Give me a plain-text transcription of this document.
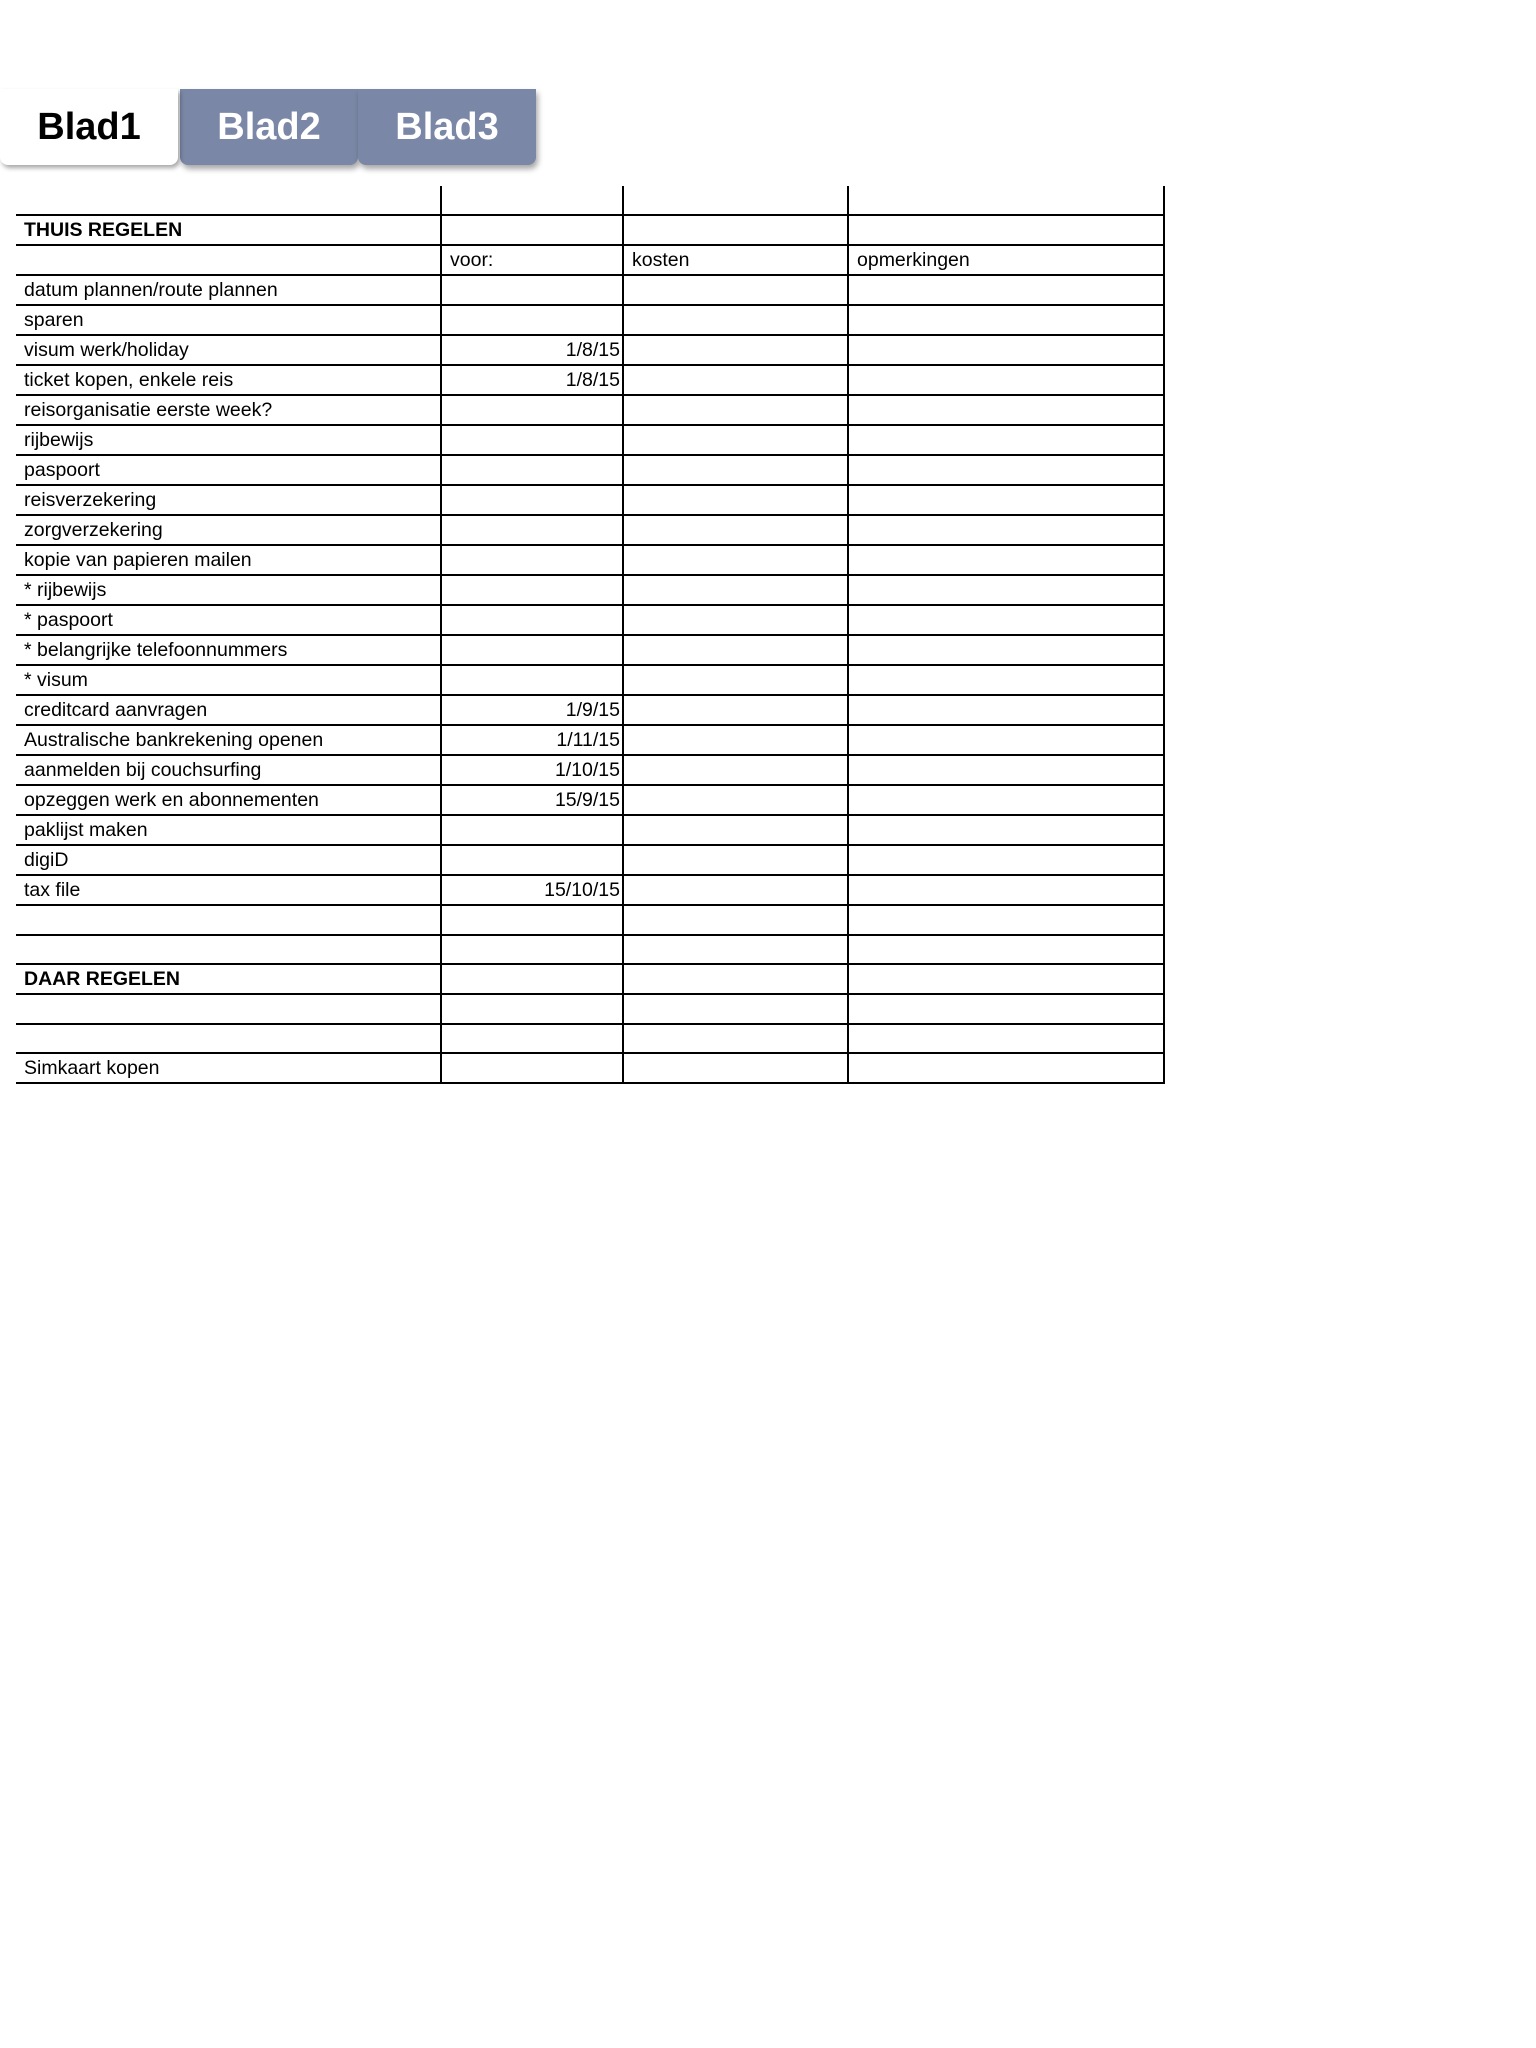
Blad1	Blad2	Blad3

THUIS REGELEN			
	voor:	kosten	opmerkingen
datum plannen/route plannen			
sparen			
visum werk/holiday	1/8/15		
ticket kopen, enkele reis	1/8/15		
reisorganisatie eerste week?			
rijbewijs			
paspoort			
reisverzekering			
zorgverzekering			
kopie van papieren mailen			
* rijbewijs			
* paspoort			
* belangrijke telefoonnummers			
* visum			
creditcard aanvragen	1/9/15		
Australische bankrekening openen	1/11/15		
aanmelden bij couchsurfing	1/10/15		
opzeggen werk en abonnementen	15/9/15		
paklijst maken			
digiD			
tax file	15/10/15		

DAAR REGELEN			

Simkaart kopen			
